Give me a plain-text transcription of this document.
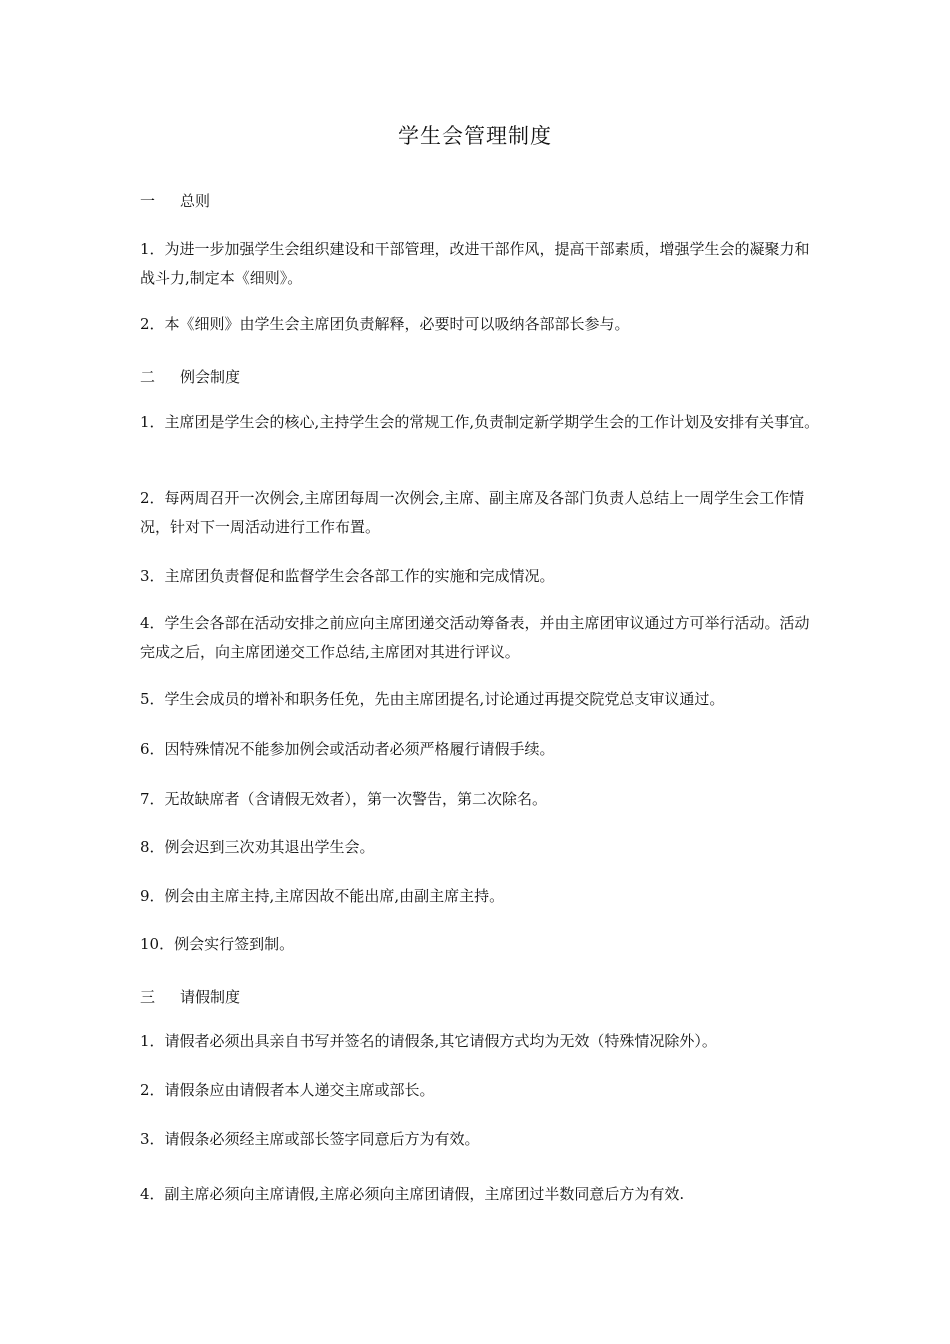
学生会管理制度
一 总则
1．为进一步加强学生会组织建设和干部管理，改进干部作风，提高干部素质，增强学生会的凝聚力和战斗力,制定本《细则》。
2．本《细则》由学生会主席团负责解释，必要时可以吸纳各部部长参与。
二 例会制度
1．主席团是学生会的核心,主持学生会的常规工作,负责制定新学期学生会的工作计划及安排有关事宜。
2．每两周召开一次例会,主席团每周一次例会,主席、副主席及各部门负责人总结上一周学生会工作情况，针对下一周活动进行工作布置。
3．主席团负责督促和监督学生会各部工作的实施和完成情况。
4．学生会各部在活动安排之前应向主席团递交活动筹备表，并由主席团审议通过方可举行活动。活动完成之后，向主席团递交工作总结,主席团对其进行评议。
5．学生会成员的增补和职务任免，先由主席团提名,讨论通过再提交院党总支审议通过。
6．因特殊情况不能参加例会或活动者必须严格履行请假手续。
7．无故缺席者（含请假无效者），第一次警告，第二次除名。
8．例会迟到三次劝其退出学生会。
9．例会由主席主持,主席因故不能出席,由副主席主持。
10．例会实行签到制。
三 请假制度
1．请假者必须出具亲自书写并签名的请假条,其它请假方式均为无效（特殊情况除外）。
2．请假条应由请假者本人递交主席或部长。
3．请假条必须经主席或部长签字同意后方为有效。
4．副主席必须向主席请假,主席必须向主席团请假，主席团过半数同意后方为有效.
